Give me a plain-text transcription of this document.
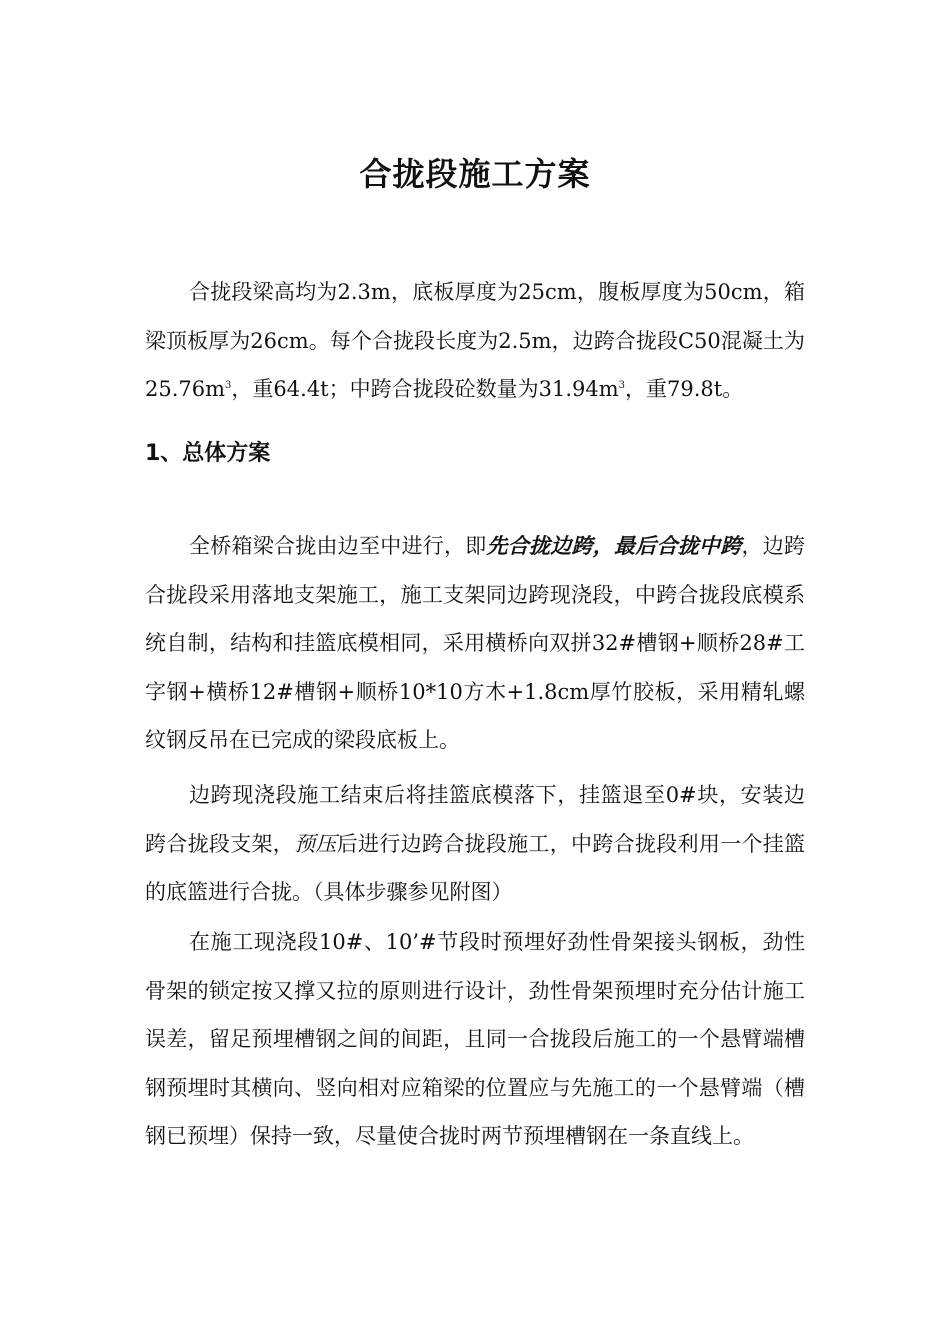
合拢段施工方案

合拢段梁高均为2.3m，底板厚度为25cm，腹板厚度为50cm，箱梁顶板厚为26cm。每个合拢段长度为2.5m，边跨合拢段C50混凝土为$25.76m^3$，重64.4t；中跨合拢段砼数量为$31.94m^3$，重79.8t。

1、总体方案

全桥箱梁合拢由边至中进行，即先合拢边跨，最后合拢中跨，边跨合拢段采用落地支架施工，施工支架同边跨现浇段，中跨合拢段底模系统自制，结构和挂篮底模相同，采用横桥向双拼32#槽钢+顺桥28#工字钢+横桥12#槽钢+顺桥10*10方木+1.8cm厚竹胶板，采用精轧螺纹钢反吊在已完成的梁段底板上。

边跨现浇段施工结束后将挂篮底模落下，挂篮退至0#块，安装边跨合拢段支架，预压后进行边跨合拢段施工，中跨合拢段利用一个挂篮的底篮进行合拢。（具体步骤参见附图）

在施工现浇段10#、10’#节段时预埋好劲性骨架接头钢板，劲性骨架的锁定按又撑又拉的原则进行设计，劲性骨架预埋时充分估计施工误差，留足预埋槽钢之间的间距，且同一合拢段后施工的一个悬臂端槽钢预埋时其横向、竖向相对应箱梁的位置应与先施工的一个悬臂端（槽钢已预埋）保持一致，尽量使合拢时两节预埋槽钢在一条直线上。
